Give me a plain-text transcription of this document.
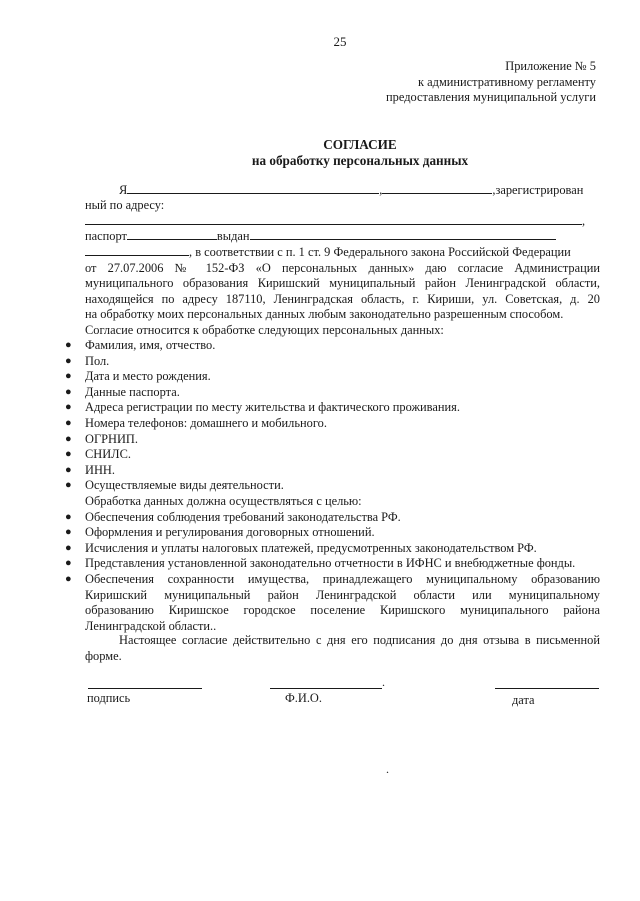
25
Приложение № 5
к административному регламенту
предоставления муниципальной услуги
СОГЛАСИЕ
на обработку персональных данных
Я	,	,зарегистрирован
ный по адресу:
,
паспорт	выдан
, в соответствии с п. 1 ст. 9 Федерального закона Российской Федерации
от 27.07.2006 № 152-ФЗ «О персональных данных» даю согласие Администрации
муниципального образования Киришский муниципальный район Ленинградской области,
находящейся по адресу 187110, Ленинградская область, г. Кириши, ул. Советская, д. 20
на обработку моих персональных данных любым законодательно разрешенным способом.
Согласие относится к обработке следующих персональных данных:
● Фамилия, имя, отчество.
● Пол.
● Дата и место рождения.
● Данные паспорта.
● Адреса регистрации по месту жительства и фактического проживания.
● Номера телефонов: домашнего и мобильного.
● ОГРНИП.
● СНИЛС.
● ИНН.
● Осуществляемые виды деятельности.
Обработка данных должна осуществляться с целью:
● Обеспечения соблюдения требований законодательства РФ.
● Оформления и регулирования договорных отношений.
● Исчисления и уплаты налоговых платежей, предусмотренных законодательством РФ.
● Представления установленной законодательно отчетности в ИФНС и внебюджетные фонды.
● Обеспечения сохранности имущества, принадлежащего муниципальному образованию
Киришский муниципальный район Ленинградской области или муниципальному
образованию Киришское городское поселение Киришского муниципального района
Ленинградской области..
Настоящее согласие действительно с дня его подписания до дня отзыва в письменной
форме.
.
подпись	Ф.И.О.	дата
.
